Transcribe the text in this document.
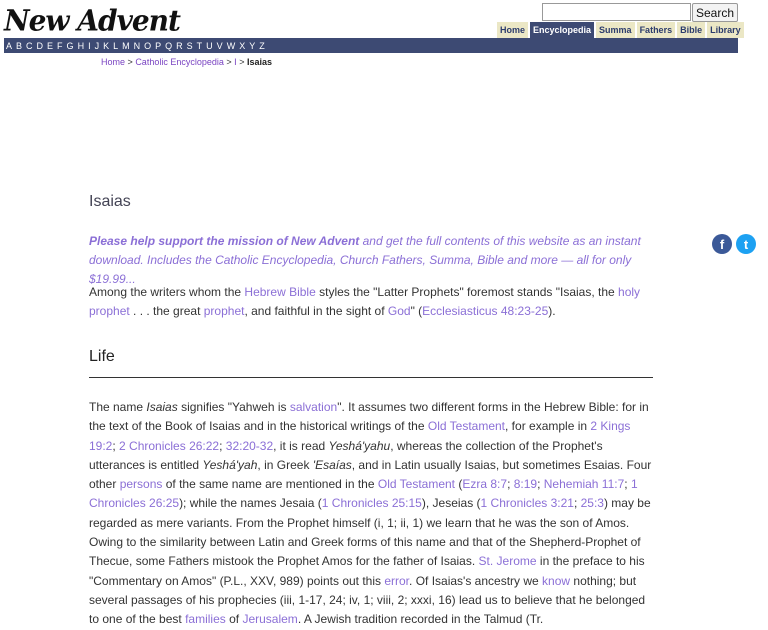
New Advent	Search
Home Encyclopedia Summa Fathers Bible Library
A B C D E F G H I J K L M N O P Q R S T U V W X Y Z
Home > Catholic Encyclopedia > I > Isaias
Isaias
Please help support the mission of New Advent and get the full contents of this website as an instant download. Includes the Catholic Encyclopedia, Church Fathers, Summa, Bible and more — all for only $19.99...
f	t
Among the writers whom the Hebrew Bible styles the "Latter Prophets" foremost stands "Isaias, the holy prophet . . . the great prophet, and faithful in the sight of God" (Ecclesiasticus 48:23-25).
Life
The name Isaias signifies "Yahweh is salvation". It assumes two different forms in the Hebrew Bible: for in the text of the Book of Isaias and in the historical writings of the Old Testament, for example in 2 Kings 19:2; 2 Chronicles 26:22; 32:20-32, it is read Yeshá'yahu, whereas the collection of the Prophet's utterances is entitled Yeshá'yah, in Greek 'Esaías, and in Latin usually Isaias, but sometimes Esaias. Four other persons of the same name are mentioned in the Old Testament (Ezra 8:7; 8:19; Nehemiah 11:7; 1 Chronicles 26:25); while the names Jesaia (1 Chronicles 25:15), Jeseias (1 Chronicles 3:21; 25:3) may be regarded as mere variants. From the Prophet himself (i, 1; ii, 1) we learn that he was the son of Amos. Owing to the similarity between Latin and Greek forms of this name and that of the Shepherd-Prophet of Thecue, some Fathers mistook the Prophet Amos for the father of Isaias. St. Jerome in the preface to his "Commentary on Amos" (P.L., XXV, 989) points out this error. Of Isaias's ancestry we know nothing; but several passages of his prophecies (iii, 1-17, 24; iv, 1; viii, 2; xxxi, 16) lead us to believe that he belonged to one of the best families of Jerusalem. A Jewish tradition recorded in the Talmud (Tr.
